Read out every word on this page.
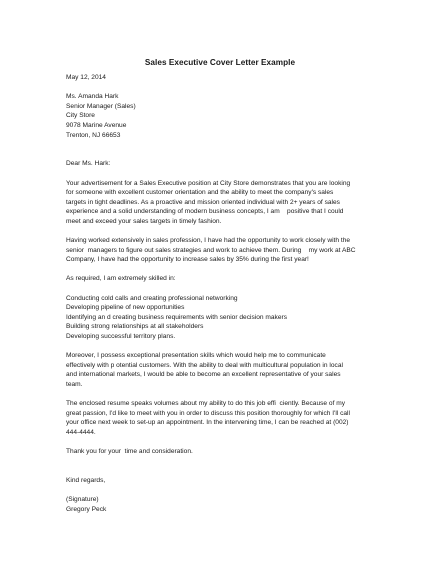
Sales Executive Cover Letter Example

May 12, 2014

Ms. Amanda Hark

Senior Manager (Sales)

City Store

9078 Marine Avenue

Trenton, NJ 66653

Dear Ms. Hark:

Your advertisement for a Sales Executive position at City Store demonstrates that you are looking

for someone with excellent customer orientation and the ability to meet the company's sales

targets in tight deadlines. As a proactive and mission oriented individual with 2+ years of sales

experience and a solid understanding of modern business concepts, I am    positive that I could

meet and exceed your sales targets in timely fashion.

Having worked extensively in sales profession, I have had the opportunity to work closely with the

senior  managers to figure out sales strategies and work to achieve them. During    my work at ABC

Company, I have had the opportunity to increase sales by 35% during the first year!

As required, I am extremely skilled in:

Conducting cold calls and creating professional networking

Developing pipeline of new opportunities

Identifying an d creating business requirements with senior decision makers

Building strong relationships at all stakeholders

Developing successful territory plans.

Moreover, I possess exceptional presentation skills which would help me to communicate

effectively with p otential customers. With the ability to deal with multicultural population in local

and international markets, I would be able to become an excellent representative of your sales

team.

The enclosed resume speaks volumes about my ability to do this job effi  ciently. Because of my

great passion, I'd like to meet with you in order to discuss this position thoroughly for which I'll call

your office next week to set-up an appointment. In the intervening time, I can be reached at (002)

444-4444.

Thank you for your  time and consideration.

Kind regards,

(Signature)

Gregory Peck
